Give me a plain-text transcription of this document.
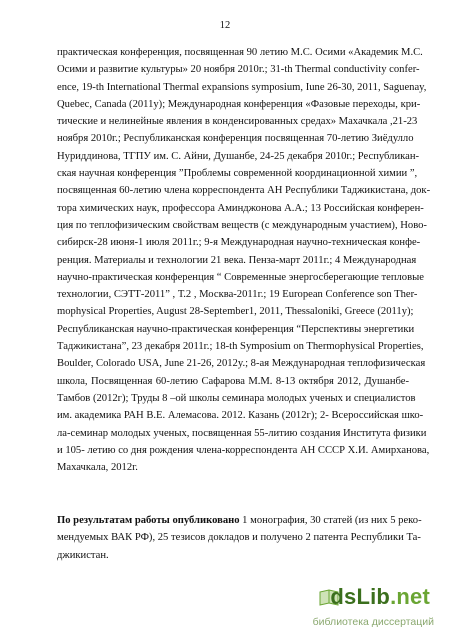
12
практическая конференция, посвященная 90 летию М.С. Осими «Академик М.С.
Осими и развитие культуры» 20 ноября 2010г.; 31-th Thermal conductivity confer-
ence, 19-th International Thermal expansions symposium, Iune 26-30, 2011, Saguenay,
Quebec, Canada (2011y); Международная конференция «Фазовые переходы, кри-
тические и нелинейные явления в конденсированных средах» Махачкала ,21-23
ноября 2010г.; Республиканская конференция посвященная 70-летию Зиёдулло
Нуриддинова, ТГПУ им. С. Айни, Душанбе, 24-25 декабря 2010г.; Республикан-
ская научная конференция ”Проблемы современной координационной химии ”,
посвященная 60-летию члена корреспондента АН Республики Таджикистана, док-
тора химических наук, профессора Аминджонова А.А.; 13 Российская конферен-
ция по теплофизическим свойствам веществ (с международным участием), Ново-
сибирск-28 июня-1 июля 2011г.; 9-я Международная научно-техническая конфе-
ренция. Материалы и технологии 21 века. Пенза-март 2011г.; 4 Международная
научно-практическая конференция “ Современные энергосберегающие тепловые
технологии, СЭТТ-2011” , Т.2 , Москва-2011г.; 19 European Conference son Ther-
mophysical Properties, August 28-September1, 2011, Thessaloniki, Greece (2011y);
Республиканская научно-практическая конференция “Перспективы энергетики
Таджикистана”, 23 декабря 2011г.; 18-th Symposium on Thermophysical Properties,
Boulder, Colorado USA, June 21-26, 2012y.; 8-ая Международная теплофизическая
школа, Посвященная 60-летию Сафарова М.М. 8-13 октября 2012, Душанбе-
Тамбов (2012г); Труды 8 –ой школы семинара молодых ученых и специалистов
им. академика РАН В.Е. Алемасова. 2012. Казань (2012г); 2- Всероссийская шко-
ла-семинар молодых ученых, посвященная 55-литию создания Института физики
и 105- летию со дня рождения члена-корреспондента АН СССР Х.И. Амирханова,
Махачкала, 2012г.
По результатам работы опубликовано 1 монография, 30 статей (из них 5 реко-
мендуемых ВАК РФ), 25 тезисов докладов и получено 2 патента Республики Та-
джикистан.
dsLib.net
библиотека диссертаций
